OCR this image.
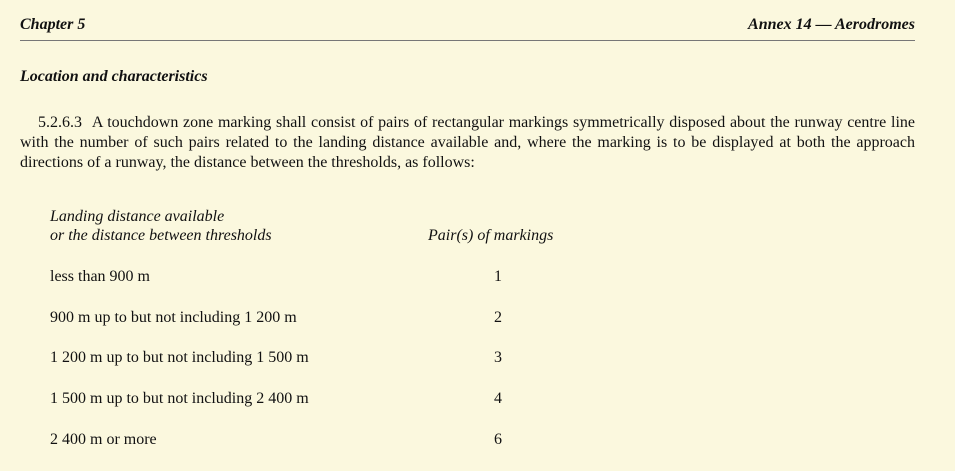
Chapter 5	Annex 14 — Aerodromes
Location and characteristics
5.2.6.3 A touchdown zone marking shall consist of pairs of rectangular markings symmetrically disposed about the runway centre line with the number of such pairs related to the landing distance available and, where the marking is to be displayed at both the approach directions of a runway, the distance between the thresholds, as follows:
Landing distance available
or the distance between thresholds	Pair(s) of markings
less than 900 m	1
900 m up to but not including 1 200 m	2
1 200 m up to but not including 1 500 m	3
1 500 m up to but not including 2 400 m	4
2 400 m or more	6
